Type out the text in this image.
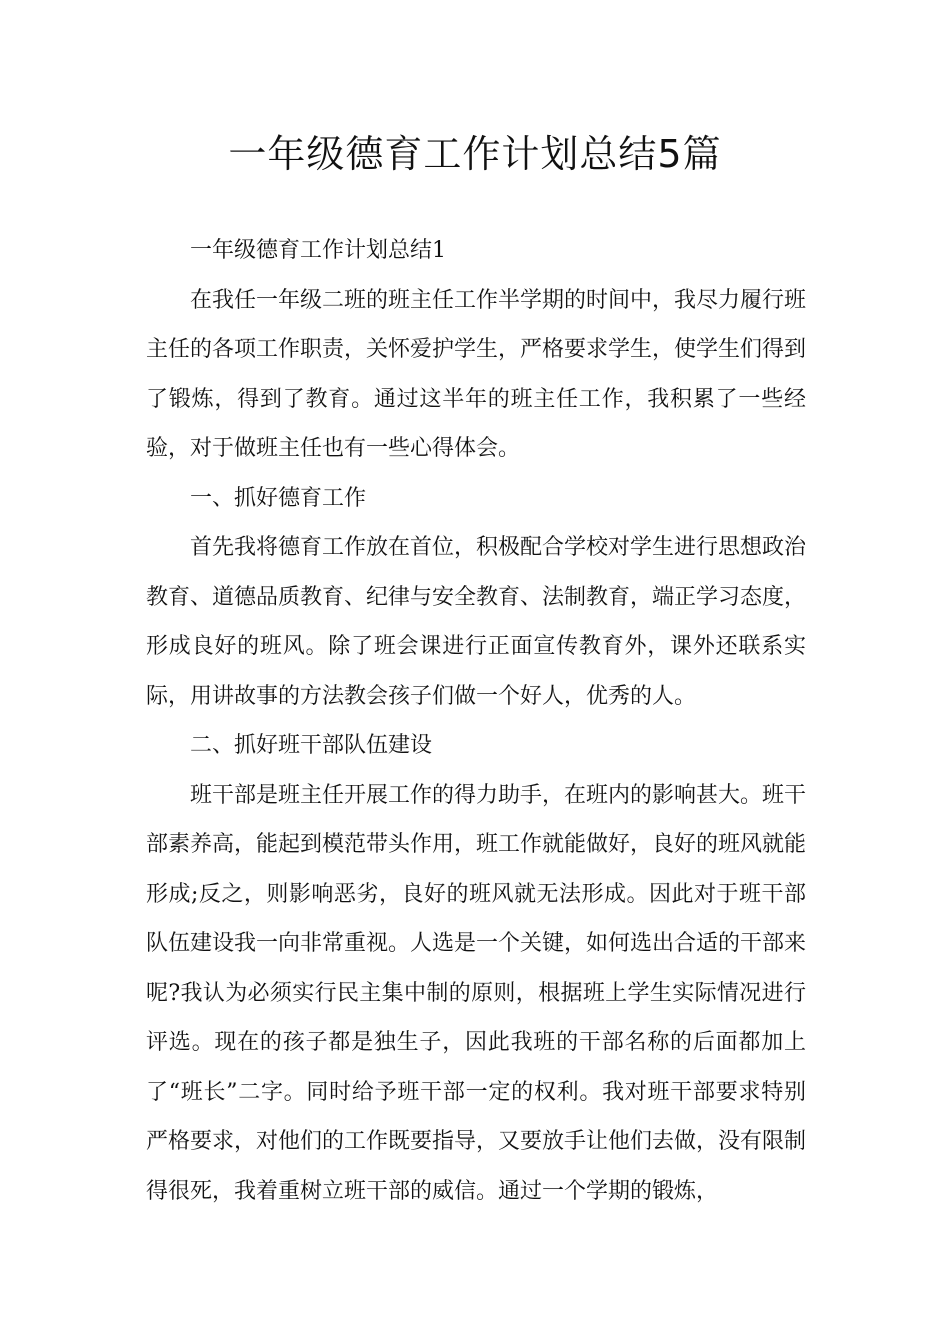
一年级德育工作计划总结5篇

一年级德育工作计划总结1

在我任一年级二班的班主任工作半学期的时间中，我尽力履行班主任的各项工作职责，关怀爱护学生，严格要求学生，使学生们得到了锻炼，得到了教育。通过这半年的班主任工作，我积累了一些经验，对于做班主任也有一些心得体会。

一、抓好德育工作

首先我将德育工作放在首位，积极配合学校对学生进行思想政治教育、道德品质教育、纪律与安全教育、法制教育，端正学习态度，形成良好的班风。除了班会课进行正面宣传教育外，课外还联系实际，用讲故事的方法教会孩子们做一个好人，优秀的人。

二、抓好班干部队伍建设

班干部是班主任开展工作的得力助手，在班内的影响甚大。班干部素养高，能起到模范带头作用，班工作就能做好，良好的班风就能形成;反之，则影响恶劣，良好的班风就无法形成。因此对于班干部队伍建设我一向非常重视。人选是一个关键，如何选出合适的干部来呢?我认为必须实行民主集中制的原则，根据班上学生实际情况进行评选。现在的孩子都是独生子，因此我班的干部名称的后面都加上了“班长”二字。同时给予班干部一定的权利。我对班干部要求特别严格要求，对他们的工作既要指导，又要放手让他们去做，没有限制得很死，我着重树立班干部的威信。通过一个学期的锻炼，
